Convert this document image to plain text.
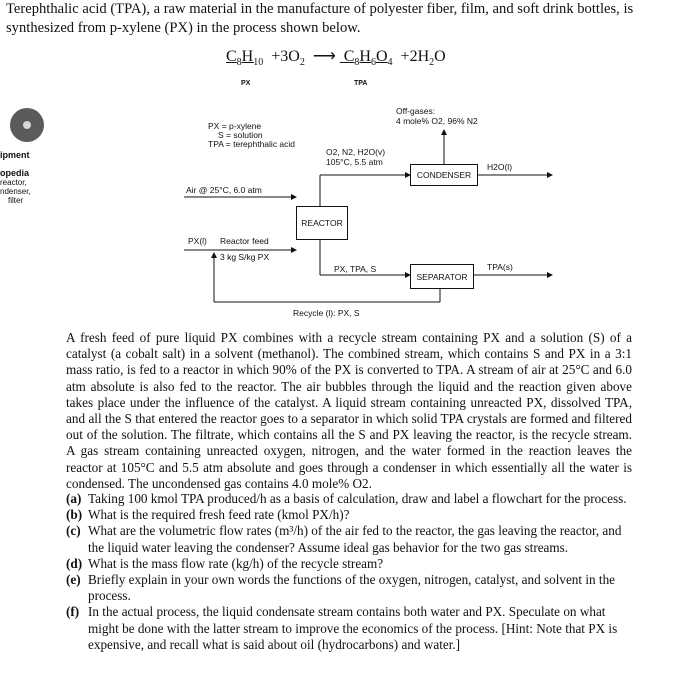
Terephthalic acid (TPA), a raw material in the manufacture of polyester fiber, film, and soft drink bottles, is synthesized from p-xylene (PX) in the process shown below.
$C_8H_{10} +3O_2$ ⟶  $C_8H_6O_4 +2H_2O$
PX	TPA
ipment
opedia
reactor,
ndenser,
filter
PX = p-xylene
S = solution
TPA = terephthalic acid
Off-gases:
4 mole% O2, 96% N2
O2, N2, H2O(v)
105°C, 5.5 atm
Air @ 25°C, 6.0 atm
REACTOR
CONDENSER
H2O(l)
PX(l) Reactor feed
3 kg S/kg PX
PX, TPA, S
SEPARATOR
TPA(s)
Recycle (l): PX, S
A fresh feed of pure liquid PX combines with a recycle stream containing PX and a solution (S) of a catalyst (a cobalt salt) in a solvent (methanol). The combined stream, which contains S and PX in a 3:1 mass ratio, is fed to a reactor in which 90% of the PX is converted to TPA. A stream of air at 25°C and 6.0 atm absolute is also fed to the reactor. The air bubbles through the liquid and the reaction given above takes place under the influence of the catalyst. A liquid stream containing unreacted PX, dissolved TPA, and all the S that entered the reactor goes to a separator in which solid TPA crystals are formed and filtered out of the solution. The filtrate, which contains all the S and PX leaving the reactor, is the recycle stream. A gas stream containing unreacted oxygen, nitrogen, and the water formed in the reaction leaves the reactor at 105°C and 5.5 atm absolute and goes through a condenser in which essentially all the water is condensed. The uncondensed gas contains 4.0 mole% O2.
(a) Taking 100 kmol TPA produced/h as a basis of calculation, draw and label a flowchart for the process.
(b) What is the required fresh feed rate (kmol PX/h)?
(c) What are the volumetric flow rates (m³/h) of the air fed to the reactor, the gas leaving the reactor, and the liquid water leaving the condenser? Assume ideal gas behavior for the two gas streams.
(d) What is the mass flow rate (kg/h) of the recycle stream?
(e) Briefly explain in your own words the functions of the oxygen, nitrogen, catalyst, and solvent in the process.
(f) In the actual process, the liquid condensate stream contains both water and PX. Speculate on what might be done with the latter stream to improve the economics of the process. [Hint: Note that PX is expensive, and recall what is said about oil (hydrocarbons) and water.]
